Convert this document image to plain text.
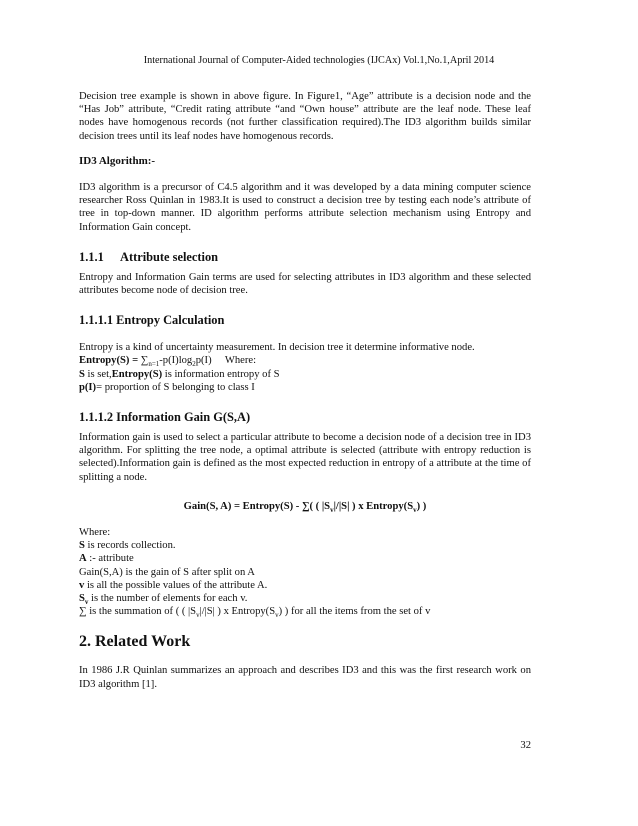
International Journal of Computer-Aided technologies (IJCAx) Vol.1,No.1,April 2014

Decision tree example is shown in above figure. In Figure1, “Age” attribute is a decision node and the “Has Job” attribute, “Credit rating attribute “and “Own house” attribute are the leaf node. These leaf nodes have homogenous records (not further classification required).The ID3 algorithm builds similar decision trees until its leaf nodes have homogenous records.

ID3 Algorithm:-

ID3 algorithm is a precursor of C4.5 algorithm and it was developed by a data mining computer science researcher Ross Quinlan in 1983.It is used to construct a decision tree by testing each node’s attribute of tree in top-down manner. ID algorithm performs attribute selection mechanism using Entropy and Information Gain concept.

1.1.1 Attribute selection

Entropy and Information Gain terms are used for selecting attributes in ID3 algorithm and these selected attributes become node of decision tree.

1.1.1.1 Entropy Calculation

Entropy is a kind of uncertainty measurement. In decision tree it determine informative node.

Entropy(S) = $\sum_{n=1}-p(I)\log_2p(I)$ Where:

S is set,Entropy(S) is information entropy of S

p(I)= proportion of S belonging to class I

1.1.1.2 Information Gain G(S,A)

Information gain is used to select a particular attribute to become a decision node of a decision tree in ID3 algorithm. For splitting the tree node, a optimal attribute is selected (attribute with entropy reduction is selected).Information gain is defined as the most expected reduction in entropy of a attribute at the time of splitting a node.

Gain(S, A) = Entropy(S) - ∑( ( $|S_v|/|S|$ ) x $Entropy(S_v)$ )

Where:

S is records collection.

A :- attribute

Gain(S,A) is the gain of S after split on A

v is all the possible values of the attribute A.

$S_v$ is the number of elements for each v.

∑ is the summation of ( ( $|S_v|/|S|$ ) x $Entropy(S_v)$ ) for all the items from the set of v

2. Related Work

In 1986 J.R Quinlan summarizes an approach and describes ID3 and this was the first research work on ID3 algorithm [1].

32
